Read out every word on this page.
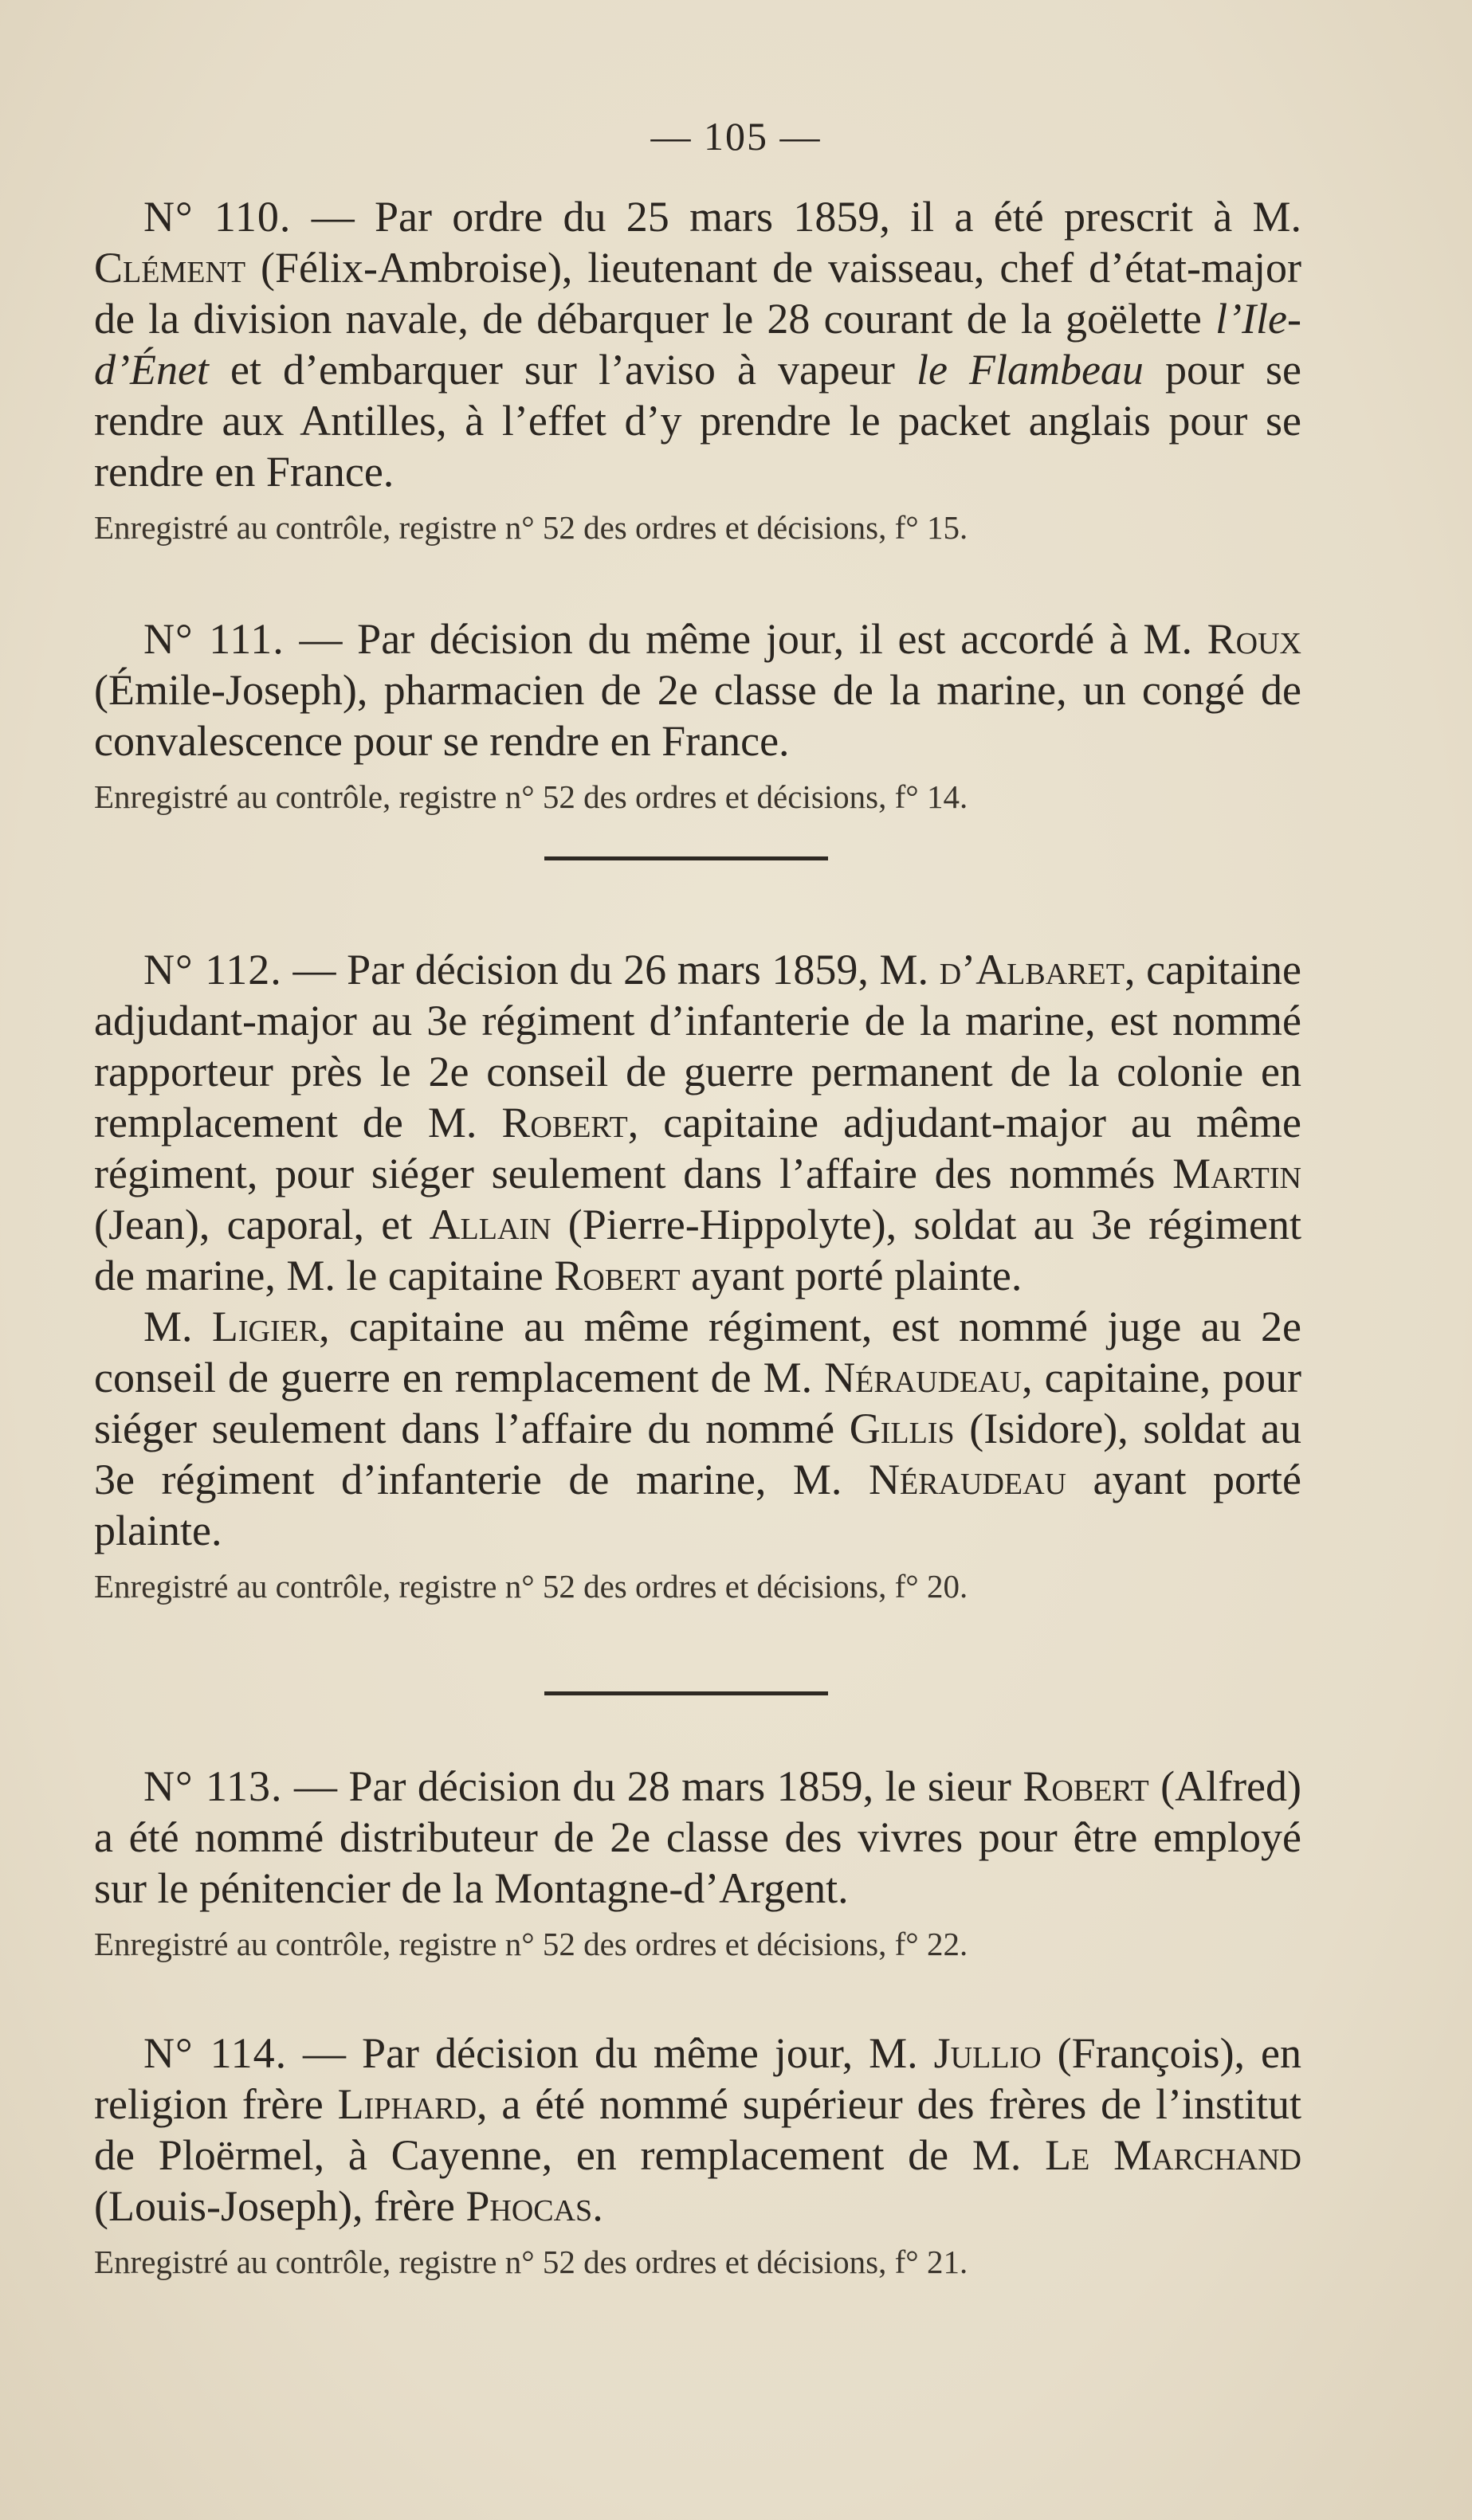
— 105 —

N° 110. — Par ordre du 25 mars 1859, il a été prescrit à M. Clément (Félix-Ambroise), lieutenant de vaisseau, chef d’état-major de la division navale, de débarquer le 28 courant de la goëlette l’Ile-d’Énet et d’embarquer sur l’aviso à vapeur le Flambeau pour se rendre aux Antilles, à l’effet d’y prendre le packet anglais pour se rendre en France.

Enregistré au contrôle, registre n° 52 des ordres et décisions, f° 15.

N° 111. — Par décision du même jour, il est accordé à M. Roux (Émile-Joseph), pharmacien de 2e classe de la marine, un congé de convalescence pour se rendre en France.

Enregistré au contrôle, registre n° 52 des ordres et décisions, f° 14.

N° 112. — Par décision du 26 mars 1859, M. d’Albaret, capitaine adjudant-major au 3e régiment d’infanterie de la marine, est nommé rapporteur près le 2e conseil de guerre permanent de la colonie en remplacement de M. Robert, capitaine adjudant-major au même régiment, pour siéger seulement dans l’affaire des nommés Martin (Jean), caporal, et Allain (Pierre-Hippolyte), soldat au 3e régiment de marine, M. le capitaine Robert ayant porté plainte.

M. Ligier, capitaine au même régiment, est nommé juge au 2e conseil de guerre en remplacement de M. Néraudeau, capitaine, pour siéger seulement dans l’affaire du nommé Gillis (Isidore), soldat au 3e régiment d’infanterie de marine, M. Néraudeau ayant porté plainte.

Enregistré au contrôle, registre n° 52 des ordres et décisions, f° 20.

N° 113. — Par décision du 28 mars 1859, le sieur Robert (Alfred) a été nommé distributeur de 2e classe des vivres pour être employé sur le pénitencier de la Montagne-d’Argent.

Enregistré au contrôle, registre n° 52 des ordres et décisions, f° 22.

N° 114. — Par décision du même jour, M. Jullio (François), en religion frère Liphard, a été nommé supérieur des frères de l’institut de Ploërmel, à Cayenne, en remplacement de M. Le Marchand (Louis-Joseph), frère Phocas.

Enregistré au contrôle, registre n° 52 des ordres et décisions, f° 21.
